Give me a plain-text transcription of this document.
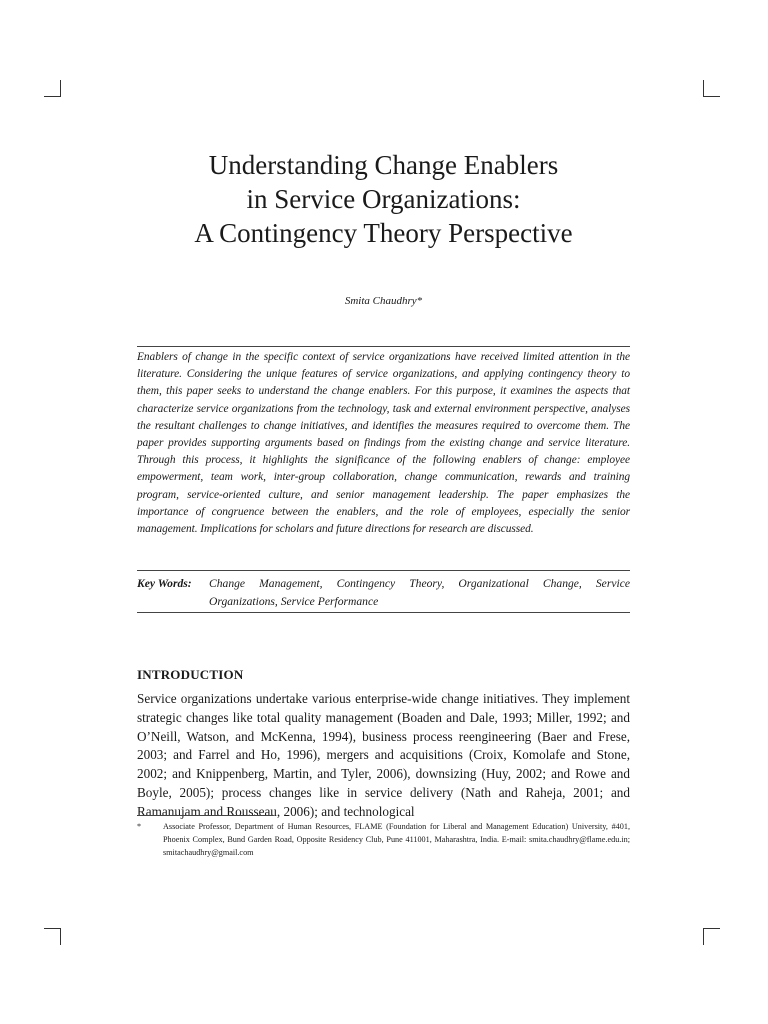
Understanding Change Enablers
in Service Organizations:
A Contingency Theory Perspective
Smita Chaudhry*

Enablers of change in the specific context of service organizations have received limited attention in the literature. Considering the unique features of service organizations, and applying contingency theory to them, this paper seeks to understand the change enablers. For this purpose, it examines the aspects that characterize service organizations from the technology, task and external environment perspective, analyses the resultant challenges to change initiatives, and identifies the measures required to overcome them. The paper provides supporting arguments based on findings from the existing change and service literature. Through this process, it highlights the significance of the following enablers of change: employee empowerment, team work, inter-group collaboration, change communication, rewards and training program, service-oriented culture, and senior management leadership. The paper emphasizes the importance of congruence between the enablers, and the role of employees, especially the senior management. Implications for scholars and future directions for research are discussed.

Key Words:	Change Management, Contingency Theory, Organizational Change, Service Organizations, Service Performance
INTRODUCTION

Service organizations undertake various enterprise-wide change initiatives. They implement strategic changes like total quality management (Boaden and Dale, 1993; Miller, 1992; and O’Neill, Watson, and McKenna, 1994), business process reengineering (Baer and Frese, 2003; and Farrel and Ho, 1996), mergers and acquisitions (Croix, Komolafe and Stone, 2002; and Knippenberg, Martin, and Tyler, 2006), downsizing (Huy, 2002; and Rowe and Boyle, 2005); process changes like in service delivery (Nath and Raheja, 2001; and Ramanujam and Rousseau, 2006); and technological

*	Associate Professor, Department of Human Resources, FLAME (Foundation for Liberal and Management Education) University, #401, Phoenix Complex, Bund Garden Road, Opposite Residency Club, Pune 411001, Maharashtra, India. E-mail: smita.chaudhry@flame.edu.in; smitachaudhry@gmail.com
